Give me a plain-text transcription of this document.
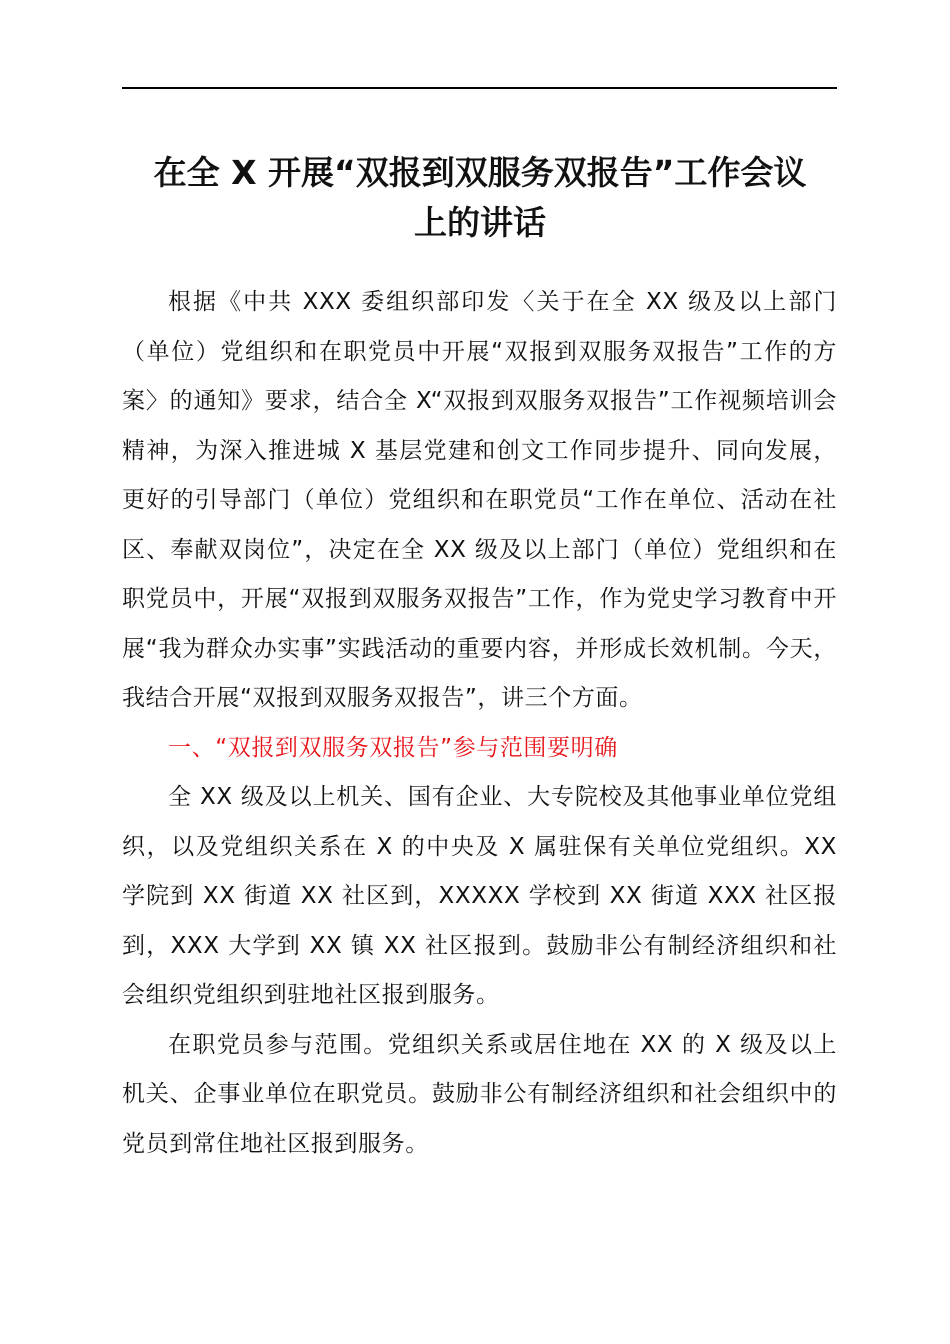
在全 X 开展“双报到双服务双报告”工作会议
上的讲话

根据《中共 XXX 委组织部印发〈关于在全 XX 级及以上部门（单位）党组织和在职党员中开展“双报到双服务双报告”工作的方案〉的通知》要求，结合全 X“双报到双服务双报告”工作视频培训会精神，为深入推进城 X 基层党建和创文工作同步提升、同向发展，更好的引导部门（单位）党组织和在职党员“工作在单位、活动在社区、奉献双岗位”，决定在全 XX 级及以上部门（单位）党组织和在职党员中，开展“双报到双服务双报告”工作，作为党史学习教育中开展“我为群众办实事”实践活动的重要内容，并形成长效机制。今天，我结合开展“双报到双服务双报告”，讲三个方面。

一、“双报到双服务双报告”参与范围要明确

全 XX 级及以上机关、国有企业、大专院校及其他事业单位党组织，以及党组织关系在 X 的中央及 X 属驻保有关单位党组织。XX 学院到 XX 街道 XX 社区到，XXXXX 学校到 XX 街道 XXX 社区报到，XXX 大学到 XX 镇 XX 社区报到。鼓励非公有制经济组织和社会组织党组织到驻地社区报到服务。

在职党员参与范围。党组织关系或居住地在 XX 的 X 级及以上机关、企事业单位在职党员。鼓励非公有制经济组织和社会组织中的党员到常住地社区报到服务。
